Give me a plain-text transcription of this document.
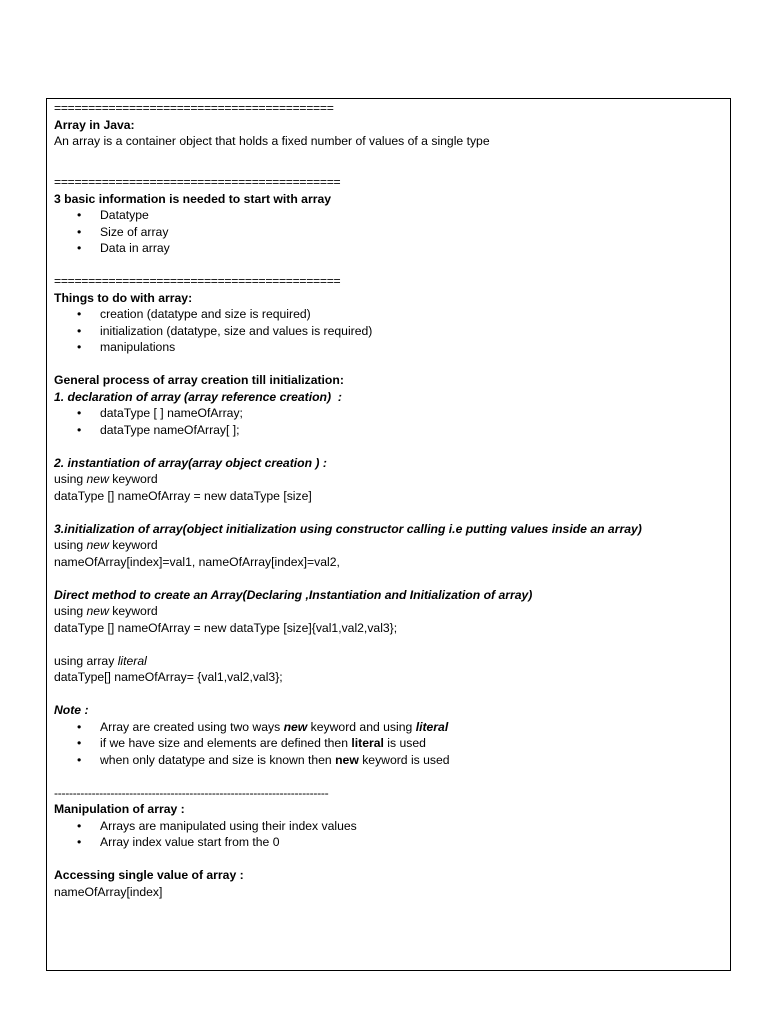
=========================================
Array in Java:
An array is a container object that holds a fixed number of values of a single type
==========================================
3 basic information is needed to start with array
• Datatype
• Size of array
• Data in array
==========================================
Things to do with array:
• creation (datatype and size is required)
• initialization (datatype, size and values is required)
• manipulations
General process of array creation till initialization:
1. declaration of array (array reference creation)  :
• dataType [ ] nameOfArray;
• dataType nameOfArray[ ];
2. instantiation of array(array object creation ) :
using new keyword
dataType [] nameOfArray = new dataType [size]
3.initialization of array(object initialization using constructor calling i.e putting values inside an array)
using new keyword
nameOfArray[index]=val1, nameOfArray[index]=val2,
Direct method to create an Array(Declaring ,Instantiation and Initialization of array)
using new keyword
dataType [] nameOfArray = new dataType [size]{val1,val2,val3};
using array literal
dataType[] nameOfArray= {val1,val2,val3};
Note :
• Array are created using two ways new keyword and using literal
• if we have size and elements are defined then literal is used
• when only datatype and size is known then new keyword is used
-------------------------------------------------------------------------
Manipulation of array :
• Arrays are manipulated using their index values
• Array index value start from the 0
Accessing single value of array :
nameOfArray[index]
